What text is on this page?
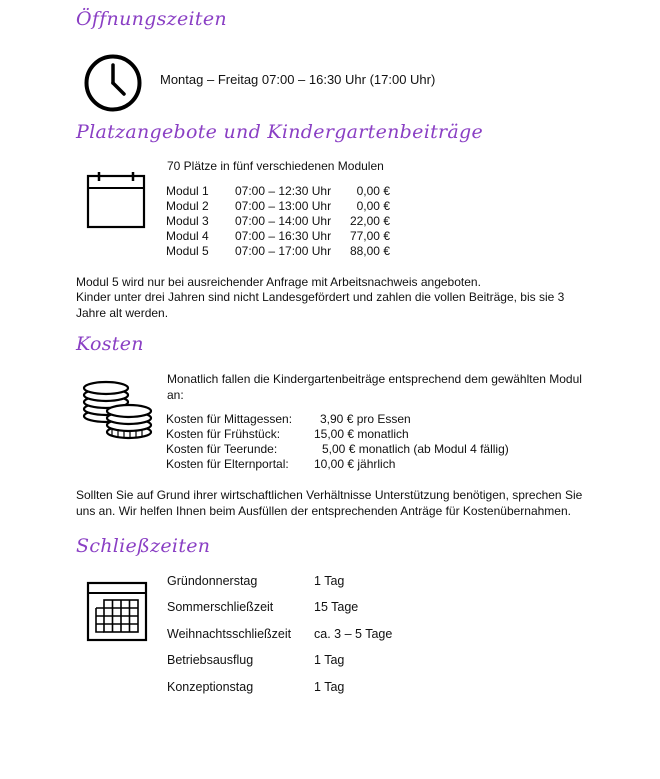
Öffnungszeiten
Montag – Freitag 07:00 – 16:30 Uhr (17:00 Uhr)
Platzangebote und Kindergartenbeiträge
70 Plätze in fünf verschiedenen Modulen
Modul 1 07:00 – 12:30 Uhr 0,00 €
Modul 2 07:00 – 13:00 Uhr 0,00 €
Modul 3 07:00 – 14:00 Uhr 22,00 €
Modul 4 07:00 – 16:30 Uhr 77,00 €
Modul 5 07:00 – 17:00 Uhr 88,00 €
Modul 5 wird nur bei ausreichender Anfrage mit Arbeitsnachweis angeboten.
Kinder unter drei Jahren sind nicht Landesgefördert und zahlen die vollen Beiträge, bis sie 3 Jahre alt werden.
Kosten
Monatlich fallen die Kindergartenbeiträge entsprechend dem gewählten Modul an:
Kosten für Mittagessen: 3,90 € pro Essen
Kosten für Frühstück:	15,00 € monatlich
Kosten für Teerunde:	5,00 € monatlich (ab Modul 4 fällig)
Kosten für Elternportal: 10,00 € jährlich
Sollten Sie auf Grund ihrer wirtschaftlichen Verhältnisse Unterstützung benötigen, sprechen Sie uns an. Wir helfen Ihnen beim Ausfüllen der entsprechenden Anträge für Kostenübernahmen.
Schließzeiten
Gründonnerstag	1 Tag
Sommerschließzeit	15 Tage
Weihnachtsschließzeit ca. 3 – 5 Tage
Betriebsausflug	1 Tag
Konzeptionstag	1 Tag
